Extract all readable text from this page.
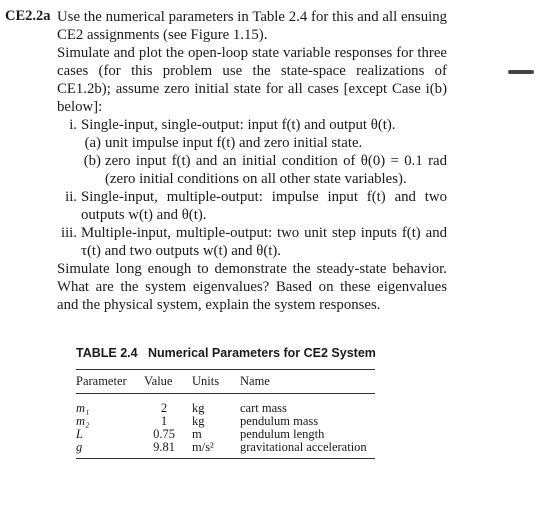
CE2.2a Use the numerical parameters in Table 2.4 for this and all ensuing CE2 assignments (see Figure 1.15).

Simulate and plot the open-loop state variable responses for three cases (for this problem use the state-space realizations of CE1.2b); assume zero initial state for all cases [except Case i(b) below]:

i. Single-input, single-output: input f(t) and output θ(t).
(a) unit impulse input f(t) and zero initial state.
(b) zero input f(t) and an initial condition of θ(0) = 0.1 rad (zero initial conditions on all other state variables).
ii. Single-input, multiple-output: impulse input f(t) and two outputs w(t) and θ(t).
iii. Multiple-input, multiple-output: two unit step inputs f(t) and τ(t) and two outputs w(t) and θ(t).

Simulate long enough to demonstrate the steady-state behavior. What are the system eigenvalues? Based on these eigenvalues and the physical system, explain the system responses.

TABLE 2.4 Numerical Parameters for CE2 System
Parameter	Value	Units	Name
m₁	2	kg	cart mass
m₂	1	kg	pendulum mass
L	0.75	m	pendulum length
g	9.81	m/s²	gravitational acceleration
